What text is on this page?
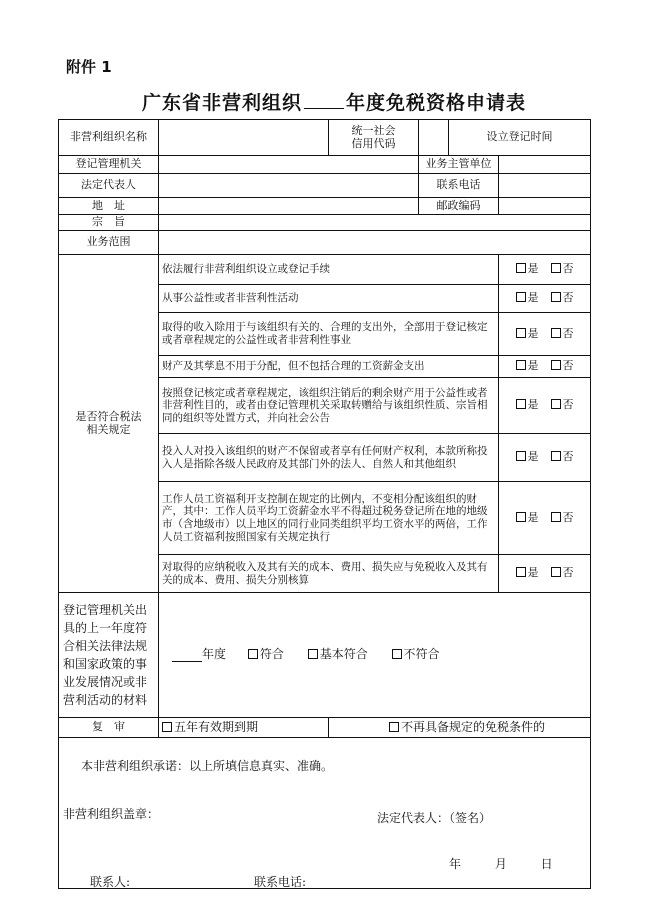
附件 1
广东省非营利组织 年度免税资格申请表
非营利组织名称		统一社会
信用代码		设立登记时间	
登记管理机关			业务主管单位		
法定代表人			联系电话		
地　址			邮政编码		
宗　旨					
业务范围					
是否符合税法
相关规定	依法履行非营利组织设立或登记手续				是 否
	从事公益性或者非营利性活动				是 否
	取得的收入除用于与该组织有关的、合理的支出外，全部用于登记核定或者章程规定的公益性或者非营利性事业				是 否
	财产及其孳息不用于分配，但不包括合理的工资薪金支出				是 否
	按照登记核定或者章程规定，该组织注销后的剩余财产用于公益性或者非营利性目的，或者由登记管理机关采取转赠给与该组织性质、宗旨相同的组织等处置方式，并向社会公告				是 否
	投入人对投入该组织的财产不保留或者享有任何财产权利，本款所称投入人是指除各级人民政府及其部门外的法人、自然人和其他组织				是 否
	工作人员工资福利开支控制在规定的比例内，不变相分配该组织的财产，其中：工作人员平均工资薪金水平不得超过税务登记所在地的地级市（含地级市）以上地区的同行业同类组织平均工资水平的两倍，工作人员工资福利按照国家有关规定执行				是 否
	对取得的应纳税收入及其有关的成本、费用、损失应与免税收入及其有关的成本、费用、损失分别核算				是 否
登记管理机关出具的上一年度符合相关法律法规和国家政策的事业发展情况或非营利活动的材料	年度 符合 基本符合 不符合				
复　审	五年有效期到期	不再具备规定的免税条件的			

本非营利组织承诺：以上所填信息真实、准确。
非营利组织盖章： 法定代表人：（签名）
年 月 日					
联系人:	联系电话:
